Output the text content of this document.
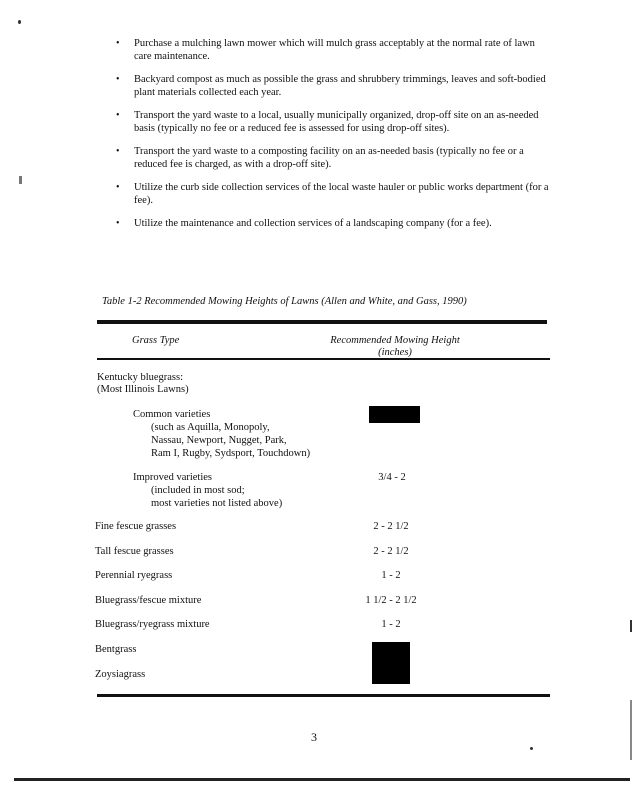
• Purchase a mulching lawn mower which will mulch grass acceptably at the normal rate of lawn care maintenance.
• Backyard compost as much as possible the grass and shrubbery trimmings, leaves and soft-bodied plant materials collected each year.
• Transport the yard waste to a local, usually municipally organized, drop-off site on an as-needed basis (typically no fee or a reduced fee is assessed for using drop-off sites).
• Transport the yard waste to a composting facility on an as-needed basis (typically no fee or a reduced fee is charged, as with a drop-off site).
• Utilize the curb side collection services of the local waste hauler or public works department (for a fee).
• Utilize the maintenance and collection services of a landscaping company (for a fee).
Table 1-2 Recommended Mowing Heights of Lawns (Allen and White, and Gass, 1990)
Grass Type	Recommended Mowing Height
(inches)
Kentucky bluegrass:
(Most Illinois Lawns)
Common varieties
(such as Aquilla, Monopoly,
Nassau, Newport, Nugget, Park,
Ram I, Rugby, Sydsport, Touchdown)
Improved varieties	3/4 - 2
(included in most sod;
most varieties not listed above)
Fine fescue grasses	2 - 2 1/2
Tall fescue grasses	2 - 2 1/2
Perennial ryegrass	1 - 2
Bluegrass/fescue mixture	1 1/2 - 2 1/2
Bluegrass/ryegrass mixture	1 - 2
Bentgrass
Zoysiagrass
3
